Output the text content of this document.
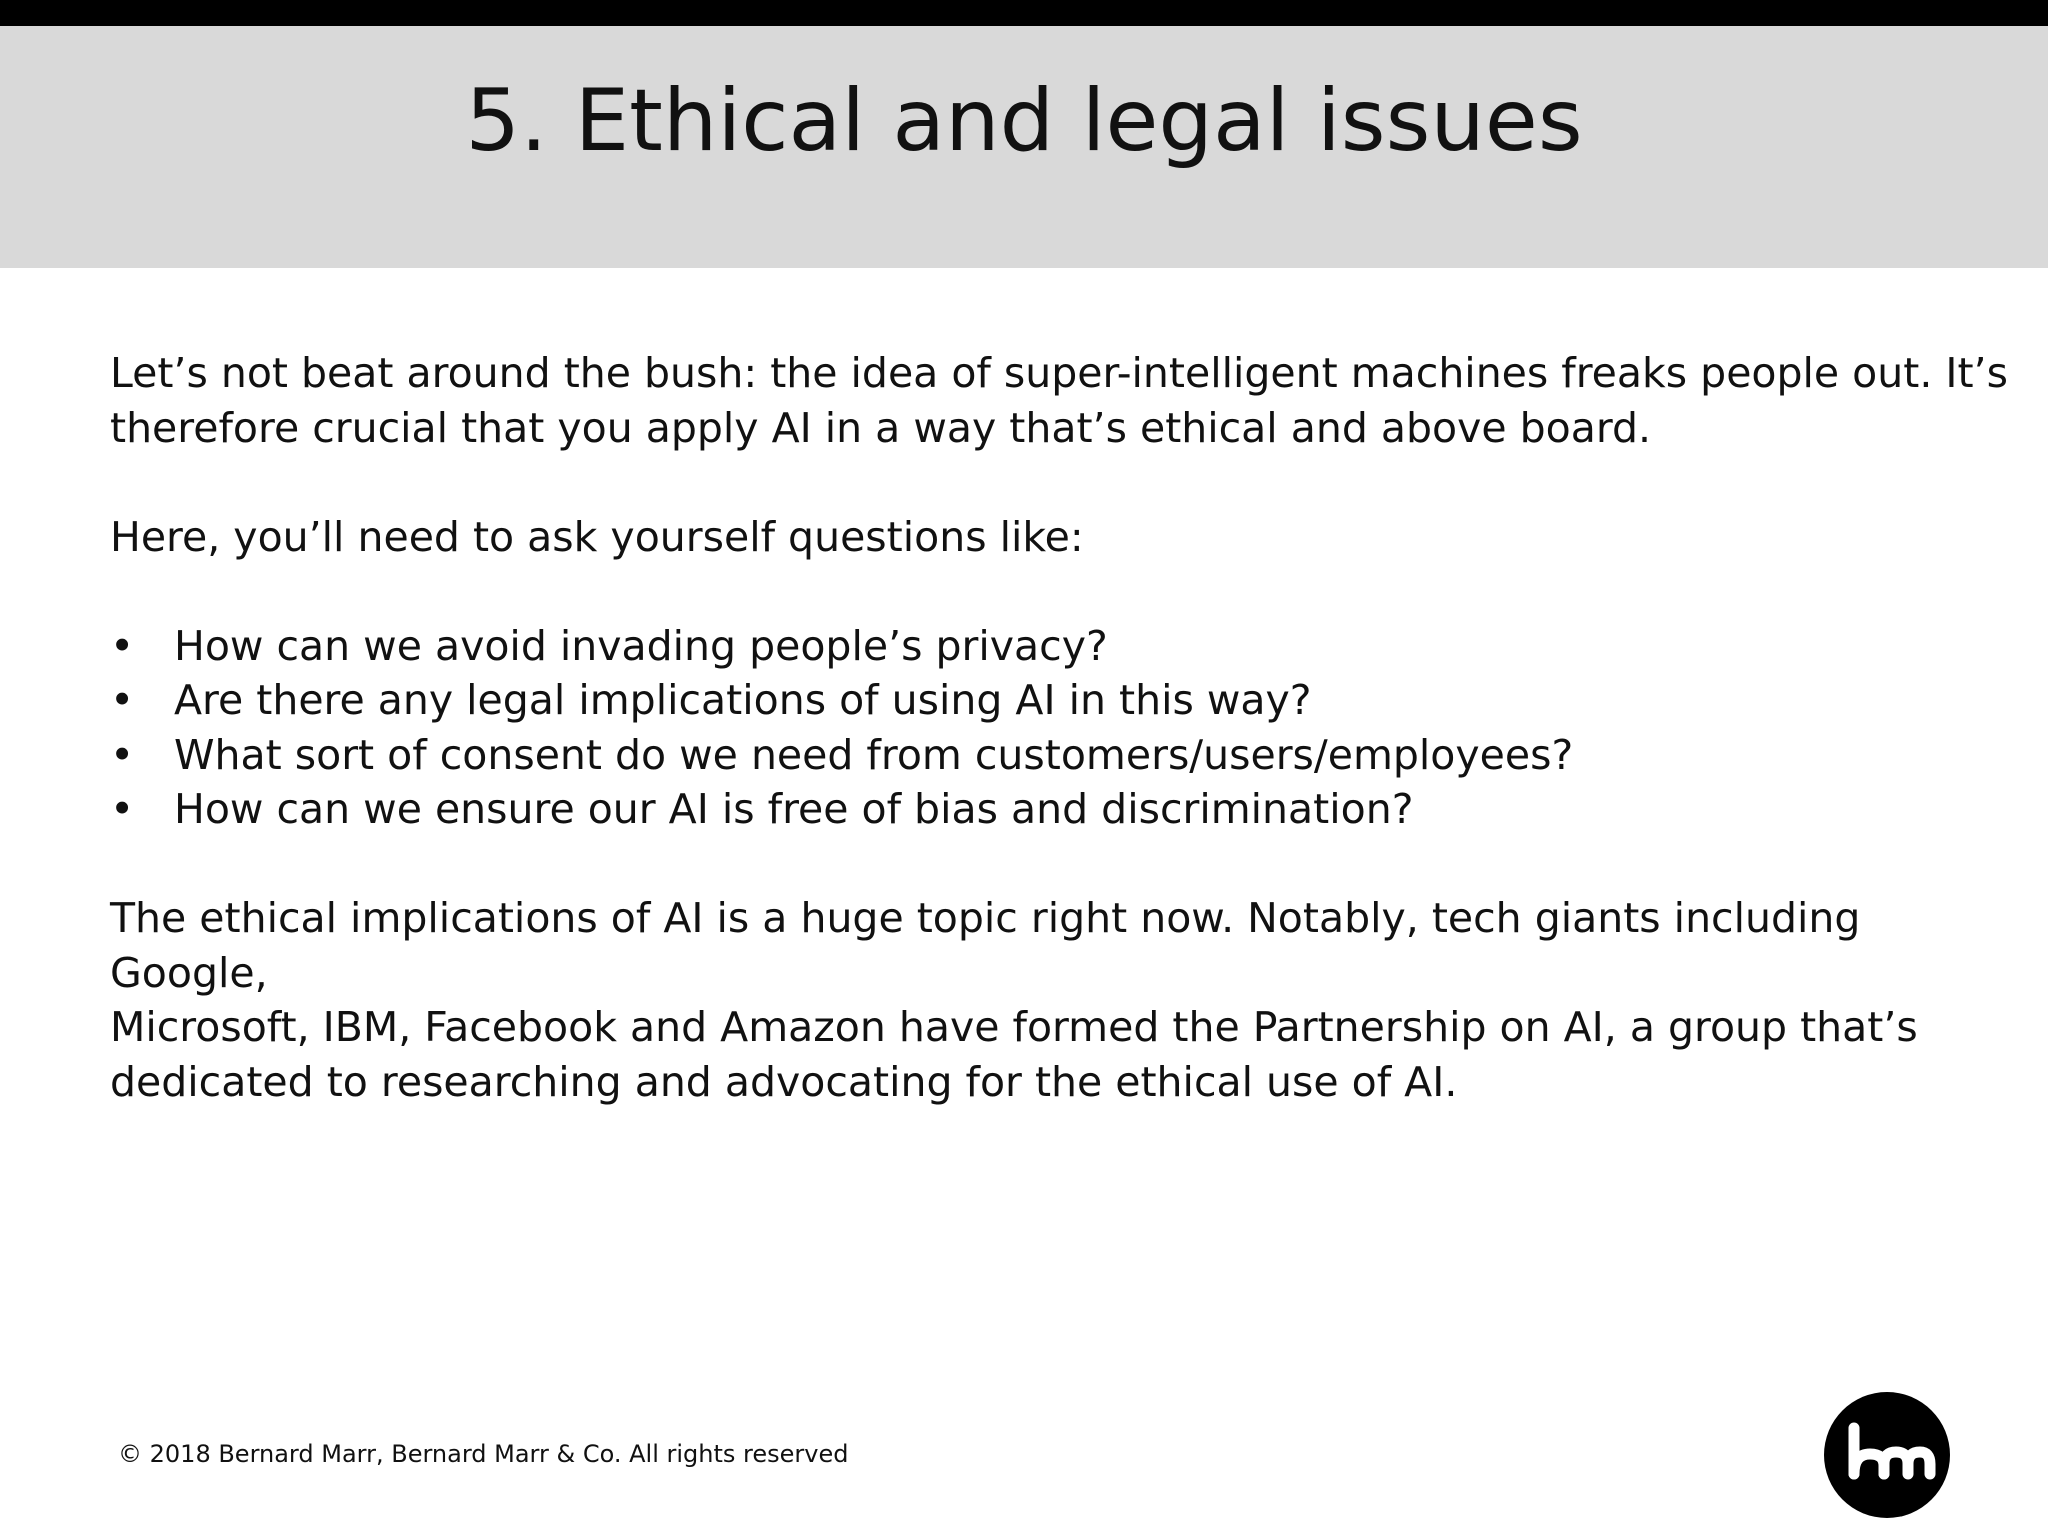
5. Ethical and legal issues

Let’s not beat around the bush: the idea of super-intelligent machines freaks people out. It’s
therefore crucial that you apply AI in a way that’s ethical and above board.

Here, you’ll need to ask yourself questions like:

• How can we avoid invading people’s privacy?
• Are there any legal implications of using AI in this way?
• What sort of consent do we need from customers/users/employees?
• How can we ensure our AI is free of bias and discrimination?

The ethical implications of AI is a huge topic right now. Notably, tech giants including Google,
Microsoft, IBM, Facebook and Amazon have formed the Partnership on AI, a group that’s
dedicated to researching and advocating for the ethical use of AI.

© 2018 Bernard Marr, Bernard Marr & Co. All rights reserved
